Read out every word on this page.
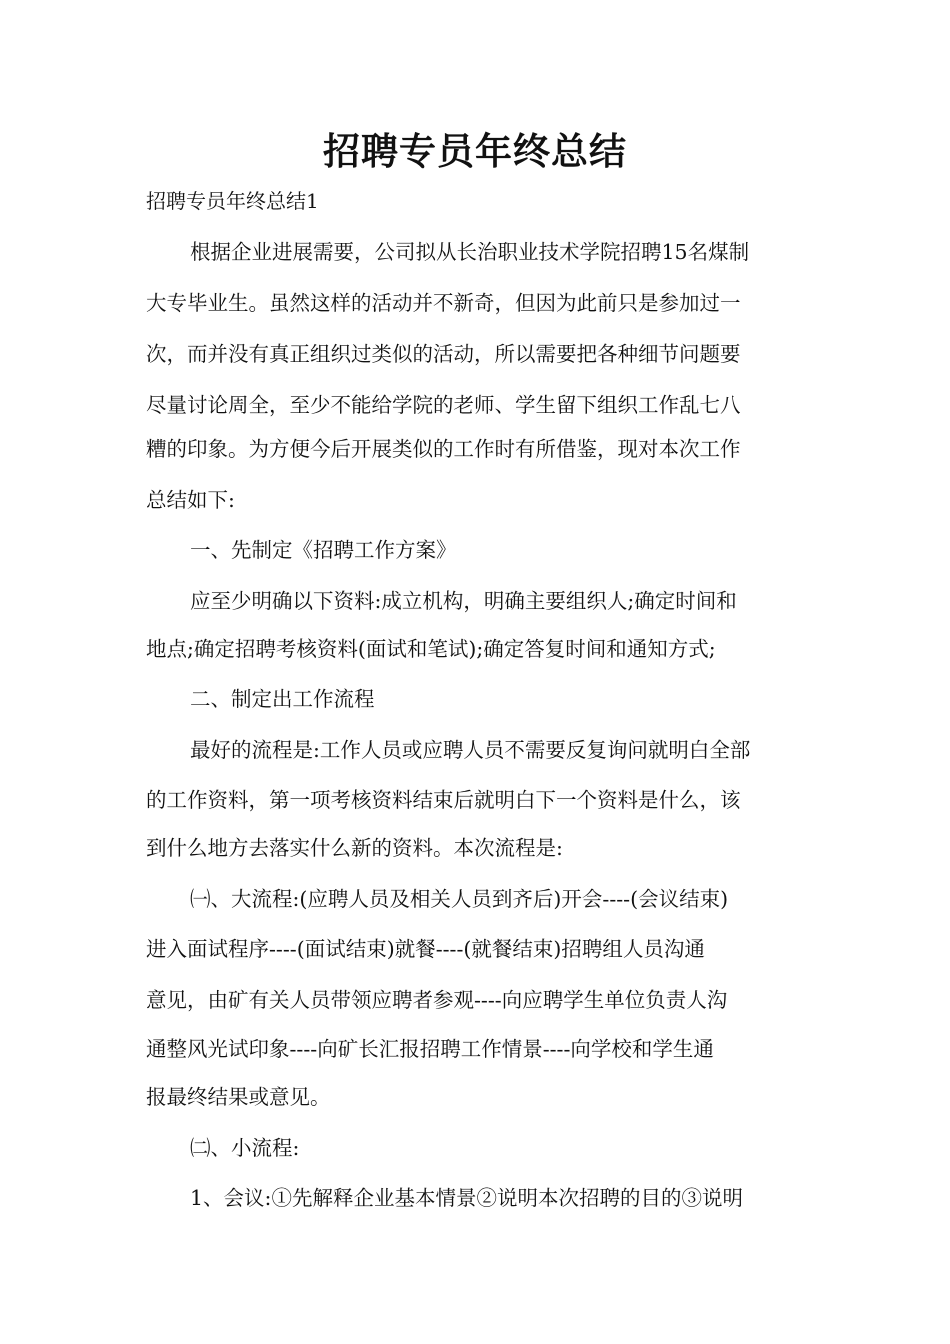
招聘专员年终总结
招聘专员年终总结1
根据企业进展需要，公司拟从长治职业技术学院招聘15名煤制
大专毕业生。虽然这样的活动并不新奇，但因为此前只是参加过一
次，而并没有真正组织过类似的活动，所以需要把各种细节问题要
尽量讨论周全，至少不能给学院的老师、学生留下组织工作乱七八
糟的印象。为方便今后开展类似的工作时有所借鉴，现对本次工作
总结如下:
一、先制定《招聘工作方案》
应至少明确以下资料:成立机构，明确主要组织人;确定时间和
地点;确定招聘考核资料(面试和笔试);确定答复时间和通知方式;
二、制定出工作流程
最好的流程是:工作人员或应聘人员不需要反复询问就明白全部
的工作资料，第一项考核资料结束后就明白下一个资料是什么，该
到什么地方去落实什么新的资料。本次流程是:
㈠、大流程:(应聘人员及相关人员到齐后)开会----(会议结束)
进入面试程序----(面试结束)就餐----(就餐结束)招聘组人员沟通
意见，由矿有关人员带领应聘者参观----向应聘学生单位负责人沟
通整风光试印象----向矿长汇报招聘工作情景----向学校和学生通
报最终结果或意见。
㈡、小流程:
1、会议:①先解释企业基本情景②说明本次招聘的目的③说明
